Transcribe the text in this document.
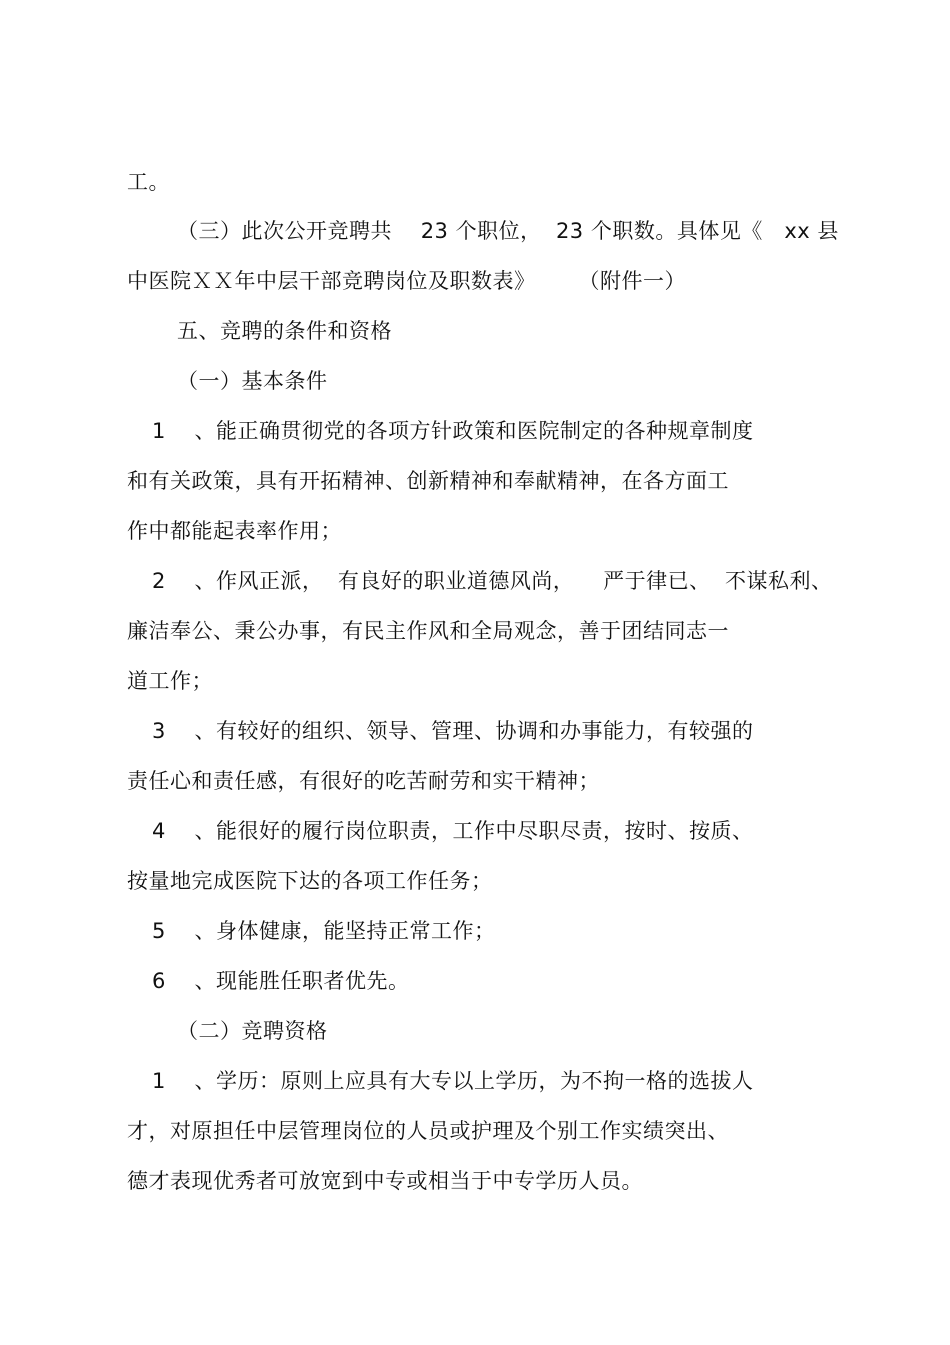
工。
（三）此次公开竞聘共    23 个职位，  23 个职数。具体见《   xx 县
中医院ＸＸ年中层干部竞聘岗位及职数表》      （附件一）
五、竞聘的条件和资格
（一）基本条件
1    、能正确贯彻党的各项方针政策和医院制定的各种规章制度
和有关政策，具有开拓精神、创新精神和奉献精神，在各方面工
作中都能起表率作用；
2    、作风正派，  有良好的职业道德风尚，    严于律已、  不谋私利、
廉洁奉公、秉公办事，有民主作风和全局观念，善于团结同志一
道工作；
3    、有较好的组织、领导、管理、协调和办事能力，有较强的
责任心和责任感，有很好的吃苦耐劳和实干精神；
4    、能很好的履行岗位职责，工作中尽职尽责，按时、按质、
按量地完成医院下达的各项工作任务；
5    、身体健康，能坚持正常工作；
6    、现能胜任职者优先。
（二）竞聘资格
1    、学历：原则上应具有大专以上学历，为不拘一格的选拔人
才，对原担任中层管理岗位的人员或护理及个别工作实绩突出、
德才表现优秀者可放宽到中专或相当于中专学历人员。
